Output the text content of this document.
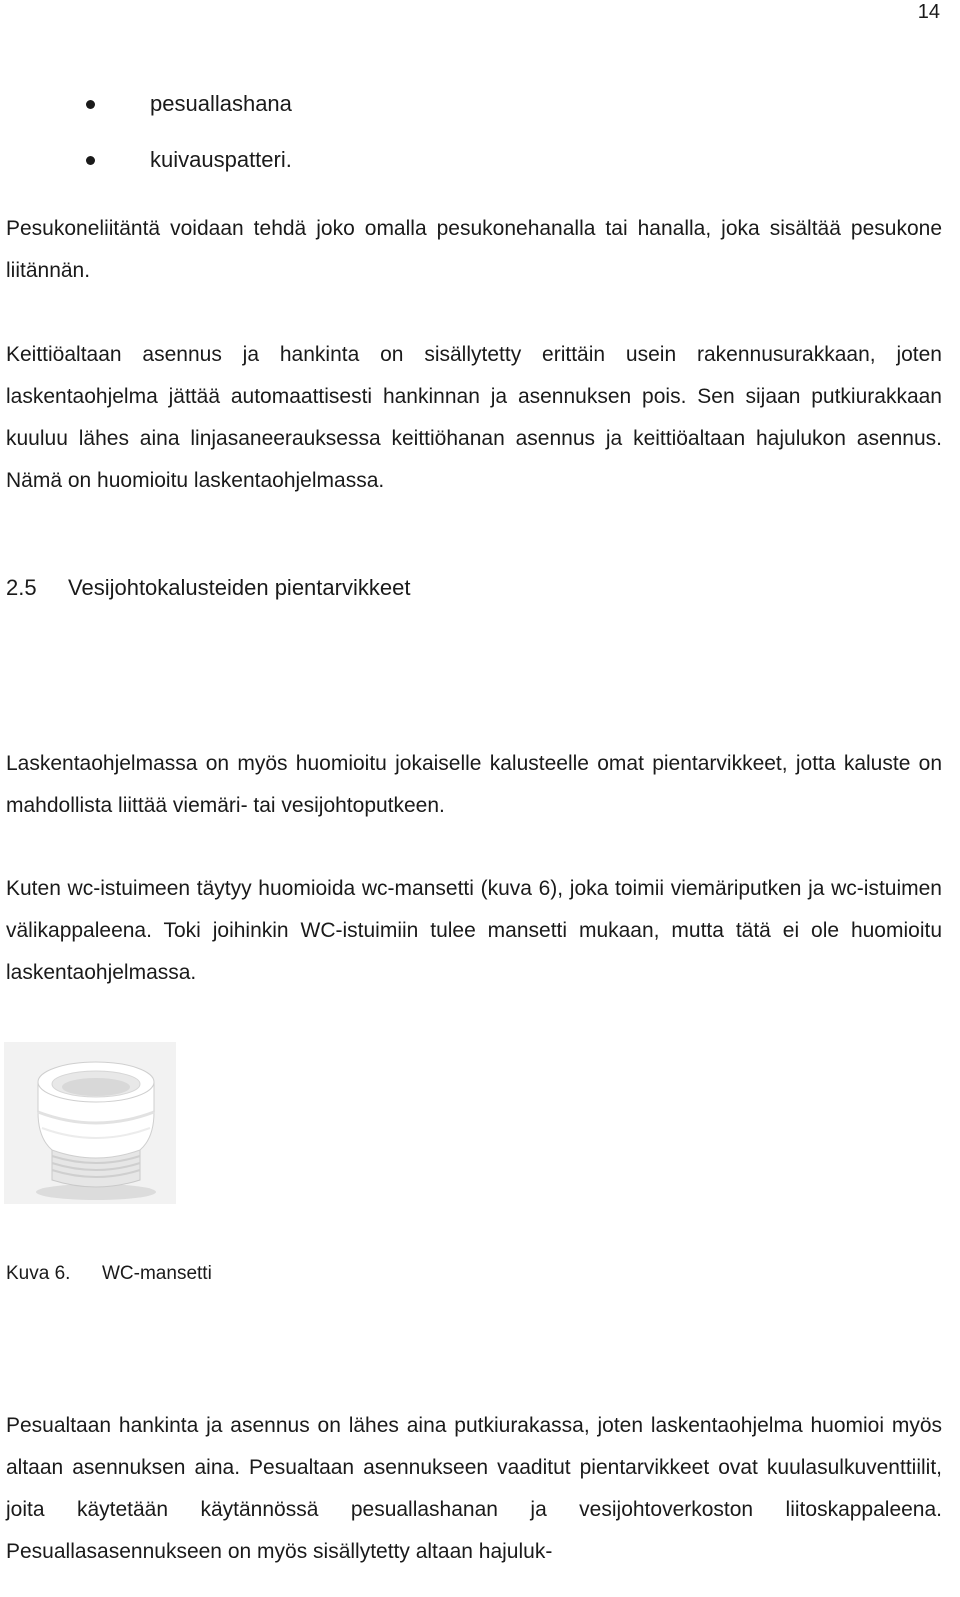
14
pesuallashana
kuivauspatteri.

Pesukoneliitäntä voidaan tehdä joko omalla pesukonehanalla tai hanalla, joka sisältää pesukone liitännän.

Keittiöaltaan asennus ja hankinta on sisällytetty erittäin usein rakennusurakkaan, joten laskentaohjelma jättää automaattisesti hankinnan ja asennuksen pois. Sen sijaan putkiurakkaan kuuluu lähes aina linjasaneerauksessa keittiöhanan asennus ja keittiöaltaan hajulukon asennus. Nämä on huomioitu laskentaohjelmassa.

2.5 Vesijohtokalusteiden pientarvikkeet

Laskentaohjelmassa on myös huomioitu jokaiselle kalusteelle omat pientarvikkeet, jotta kaluste on mahdollista liittää viemäri- tai vesijohtoputkeen.

Kuten wc-istuimeen täytyy huomioida wc-mansetti (kuva 6), joka toimii viemäriputken ja wc-istuimen välikappaleena. Toki joihinkin WC-istuimiin tulee mansetti mukaan, mutta tätä ei ole huomioitu laskentaohjelmassa.

Kuva 6. WC-mansetti

Pesualtaan hankinta ja asennus on lähes aina putkiurakassa, joten laskentaohjelma huomioi myös altaan asennuksen aina. Pesualtaan asennukseen vaaditut pientarvikkeet ovat kuulasulkuventtiilit, joita käytetään käytännössä pesuallashanan ja vesijohtoverkoston liitoskappaleena. Pesuallasasennukseen on myös sisällytetty altaan hajuluk-
